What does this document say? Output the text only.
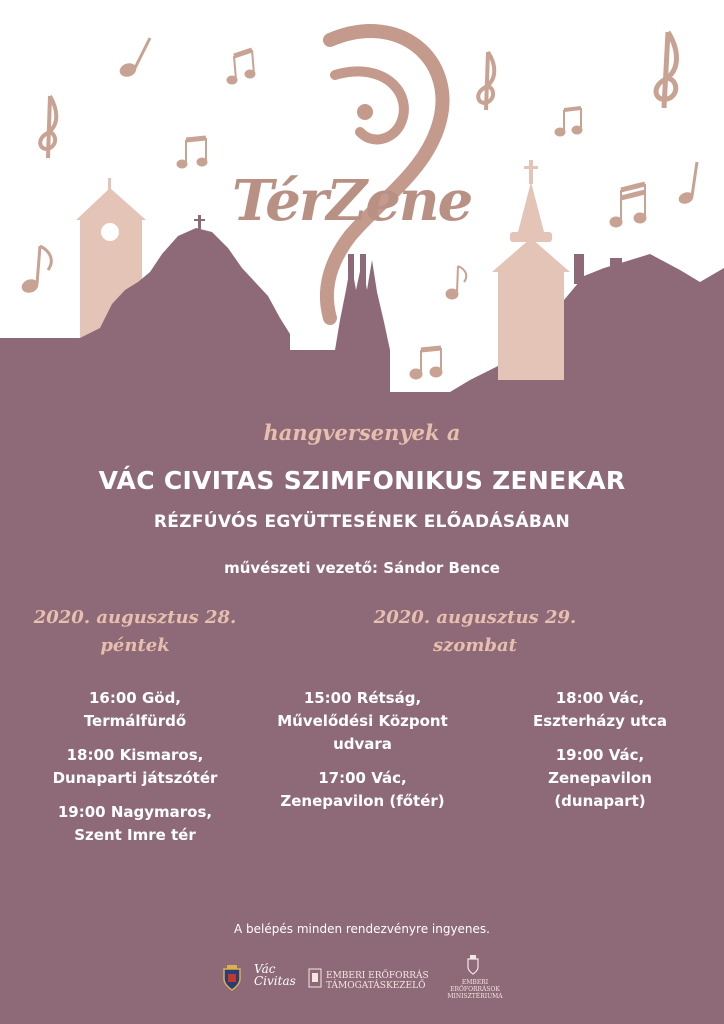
TérZene
hangversenyek a
VÁC CIVITAS SZIMFONIKUS ZENEKAR
RÉZFÚVÓS EGYÜTTESÉNEK ELŐADÁSÁBAN
művészeti vezető: Sándor Bence
2020. augusztus 28.
péntek
16:00 Göd,
Termálfürdő
18:00 Kismaros,
Dunaparti játszótér
19:00 Nagymaros,
Szent Imre tér
2020. augusztus 29.
szombat
15:00 Rétság,
Művelődési Központ
udvara
17:00 Vác,
Zenepavilon (főtér)
18:00 Vác,
Eszterházy utca
19:00 Vác,
Zenepavilon
(dunapart)
A belépés minden rendezvényre ingyenes.
Vác Civitas	EMBERI ERŐFORRÁS
TÁMOGATÁSKEZELŐ	EMBERI ERŐFORRÁSOK
MINISZTÉRIUMA
